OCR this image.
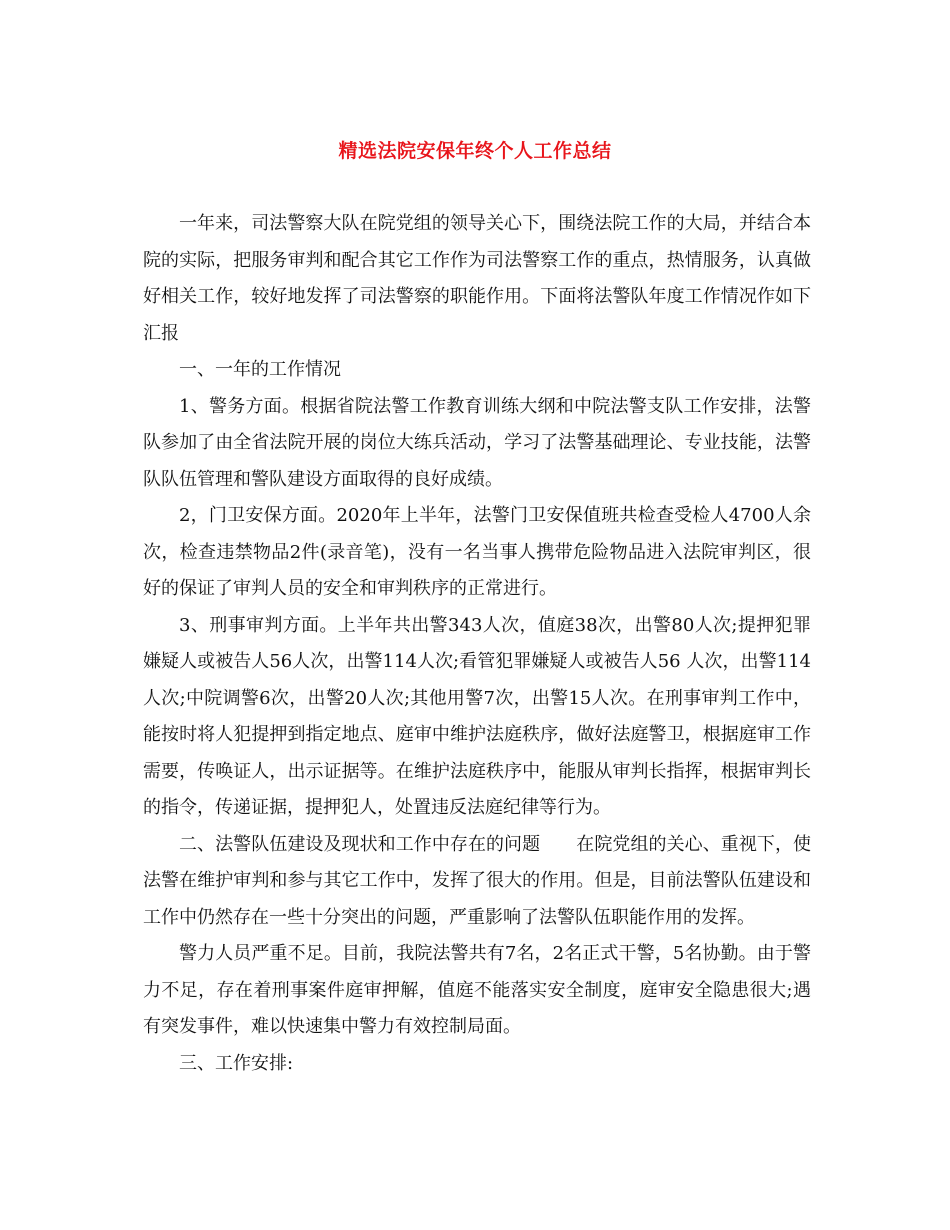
精选法院安保年终个人工作总结

一年来，司法警察大队在院党组的领导关心下，围绕法院工作的大局，并结合本院的实际，把服务审判和配合其它工作作为司法警察工作的重点，热情服务，认真做好相关工作，较好地发挥了司法警察的职能作用。下面将法警队年度工作情况作如下汇报

一、一年的工作情况

1、警务方面。根据省院法警工作教育训练大纲和中院法警支队工作安排，法警队参加了由全省法院开展的岗位大练兵活动，学习了法警基础理论、专业技能，法警队队伍管理和警队建设方面取得的良好成绩。

2，门卫安保方面。2020年上半年，法警门卫安保值班共检查受检人4700人余次，检查违禁物品2件(录音笔)，没有一名当事人携带危险物品进入法院审判区，很好的保证了审判人员的安全和审判秩序的正常进行。

3、刑事审判方面。上半年共出警343人次，值庭38次，出警80人次;提押犯罪嫌疑人或被告人56人次，出警114人次;看管犯罪嫌疑人或被告人56 人次，出警114人次;中院调警6次，出警20人次;其他用警7次，出警15人次。在刑事审判工作中，能按时将人犯提押到指定地点、庭审中维护法庭秩序，做好法庭警卫，根据庭审工作需要，传唤证人，出示证据等。在维护法庭秩序中，能服从审判长指挥，根据审判长的指令，传递证据，提押犯人，处置违反法庭纪律等行为。

二、法警队伍建设及现状和工作中存在的问题　　在院党组的关心、重视下，使法警在维护审判和参与其它工作中，发挥了很大的作用。但是，目前法警队伍建设和工作中仍然存在一些十分突出的问题，严重影响了法警队伍职能作用的发挥。

警力人员严重不足。目前，我院法警共有7名，2名正式干警，5名协勤。由于警力不足，存在着刑事案件庭审押解，值庭不能落实安全制度，庭审安全隐患很大;遇有突发事件，难以快速集中警力有效控制局面。

三、工作安排:
